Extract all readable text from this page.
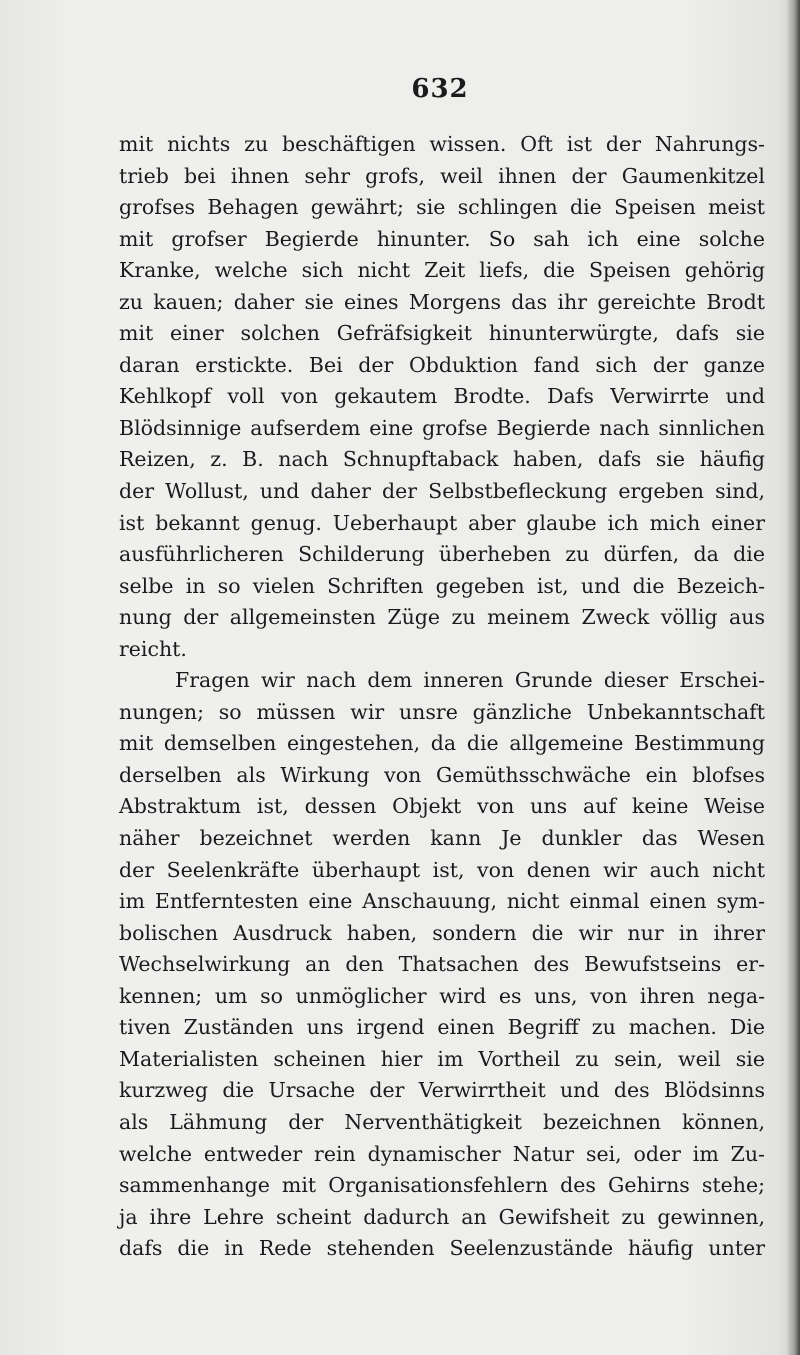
632
mit nichts zu beschäftigen wissen. Oft ist der Nahrungs-
trieb bei ihnen sehr grofs, weil ihnen der Gaumenkitzel
grofses Behagen gewährt; sie schlingen die Speisen meist
mit grofser Begierde hinunter. So sah ich eine solche
Kranke, welche sich nicht Zeit liefs, die Speisen gehörig
zu kauen; daher sie eines Morgens das ihr gereichte Brodt
mit einer solchen Gefräfsigkeit hinunterwürgte, dafs sie
daran erstickte. Bei der Obduktion fand sich der ganze
Kehlkopf voll von gekautem Brodte. Dafs Verwirrte und
Blödsinnige aufserdem eine grofse Begierde nach sinnlichen
Reizen, z. B. nach Schnupftaback haben, dafs sie häufig
der Wollust, und daher der Selbstbefleckung ergeben sind,
ist bekannt genug. Ueberhaupt aber glaube ich mich einer
ausführlicheren Schilderung überheben zu dürfen, da die
selbe in so vielen Schriften gegeben ist, und die Bezeich-
nung der allgemeinsten Züge zu meinem Zweck völlig aus
reicht.
Fragen wir nach dem inneren Grunde dieser Erschei-
nungen; so müssen wir unsre gänzliche Unbekanntschaft
mit demselben eingestehen, da die allgemeine Bestimmung
derselben als Wirkung von Gemüthsschwäche ein blofses
Abstraktum ist, dessen Objekt von uns auf keine Weise
näher bezeichnet werden kann Je dunkler das Wesen
der Seelenkräfte überhaupt ist, von denen wir auch nicht
im Entferntesten eine Anschauung, nicht einmal einen sym-
bolischen Ausdruck haben, sondern die wir nur in ihrer
Wechselwirkung an den Thatsachen des Bewufstseins er-
kennen; um so unmöglicher wird es uns, von ihren nega-
tiven Zuständen uns irgend einen Begriff zu machen. Die
Materialisten scheinen hier im Vortheil zu sein, weil sie
kurzweg die Ursache der Verwirrtheit und des Blödsinns
als Lähmung der Nerventhätigkeit bezeichnen können,
welche entweder rein dynamischer Natur sei, oder im Zu-
sammenhange mit Organisationsfehlern des Gehirns stehe;
ja ihre Lehre scheint dadurch an Gewifsheit zu gewinnen,
dafs die in Rede stehenden Seelenzustände häufig unter
